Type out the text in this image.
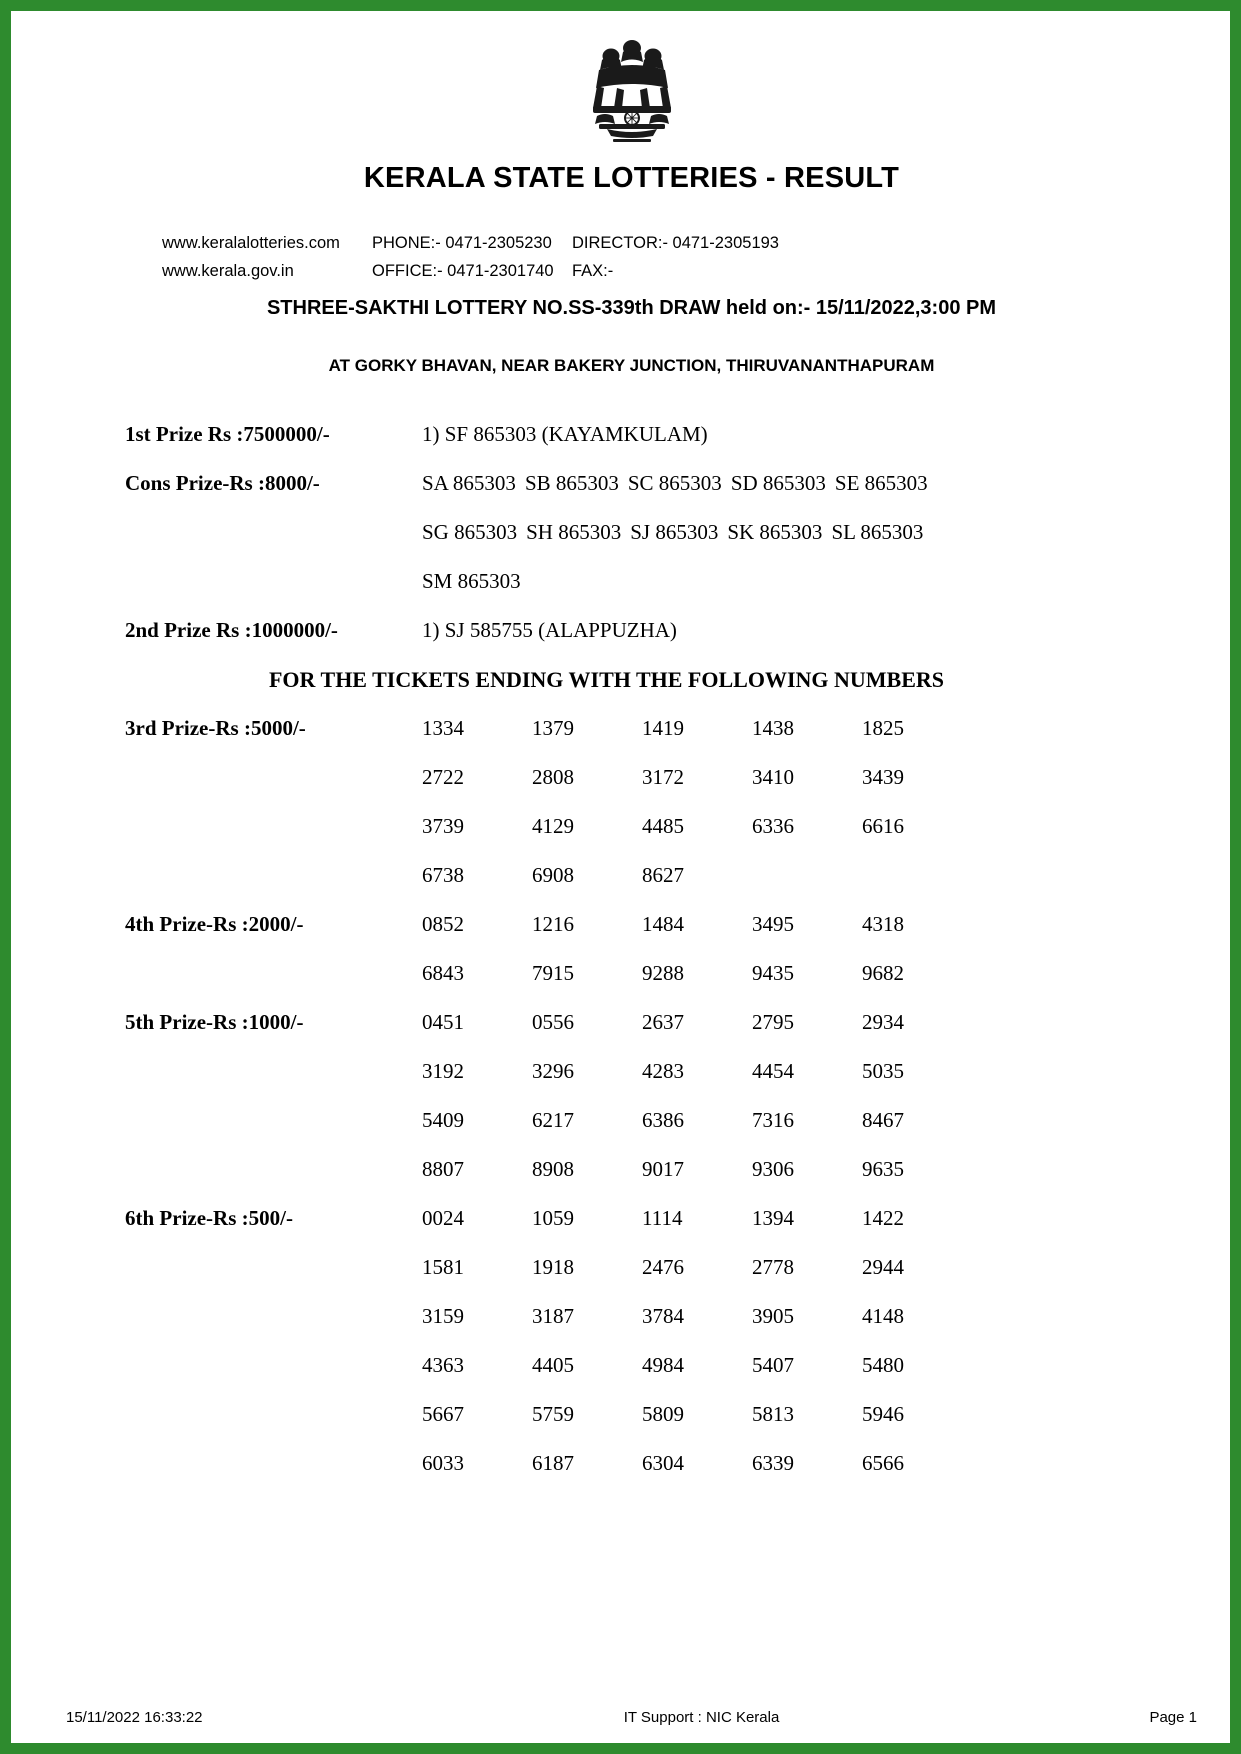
KERALA STATE LOTTERIES - RESULT
www.keralalotteries.com	PHONE:- 0471-2305230	DIRECTOR:- 0471-2305193
www.kerala.gov.in	OFFICE:- 0471-2301740	FAX:-
STHREE-SAKTHI LOTTERY NO.SS-339th DRAW held on:- 15/11/2022,3:00 PM
AT GORKY BHAVAN, NEAR BAKERY JUNCTION, THIRUVANANTHAPURAM
1st Prize Rs :7500000/-	1) SF 865303 (KAYAMKULAM)
Cons Prize-Rs :8000/-	SA 865303 SB 865303 SC 865303 SD 865303 SE 865303
SG 865303 SH 865303 SJ 865303 SK 865303 SL 865303
SM 865303
2nd Prize Rs :1000000/-	1) SJ 585755 (ALAPPUZHA)
FOR THE TICKETS ENDING WITH THE FOLLOWING NUMBERS
3rd Prize-Rs :5000/-	1334	1379	1419	1438	1825
2722	2808	3172	3410	3439
3739	4129	4485	6336	6616
6738	6908	8627
4th Prize-Rs :2000/-	0852	1216	1484	3495	4318
6843	7915	9288	9435	9682
5th Prize-Rs :1000/-	0451	0556	2637	2795	2934
3192	3296	4283	4454	5035
5409	6217	6386	7316	8467
8807	8908	9017	9306	9635
6th Prize-Rs :500/-	0024	1059	1114	1394	1422
1581	1918	2476	2778	2944
3159	3187	3784	3905	4148
4363	4405	4984	5407	5480
5667	5759	5809	5813	5946
6033	6187	6304	6339	6566
15/11/2022 16:33:22	IT Support : NIC Kerala	Page 1
